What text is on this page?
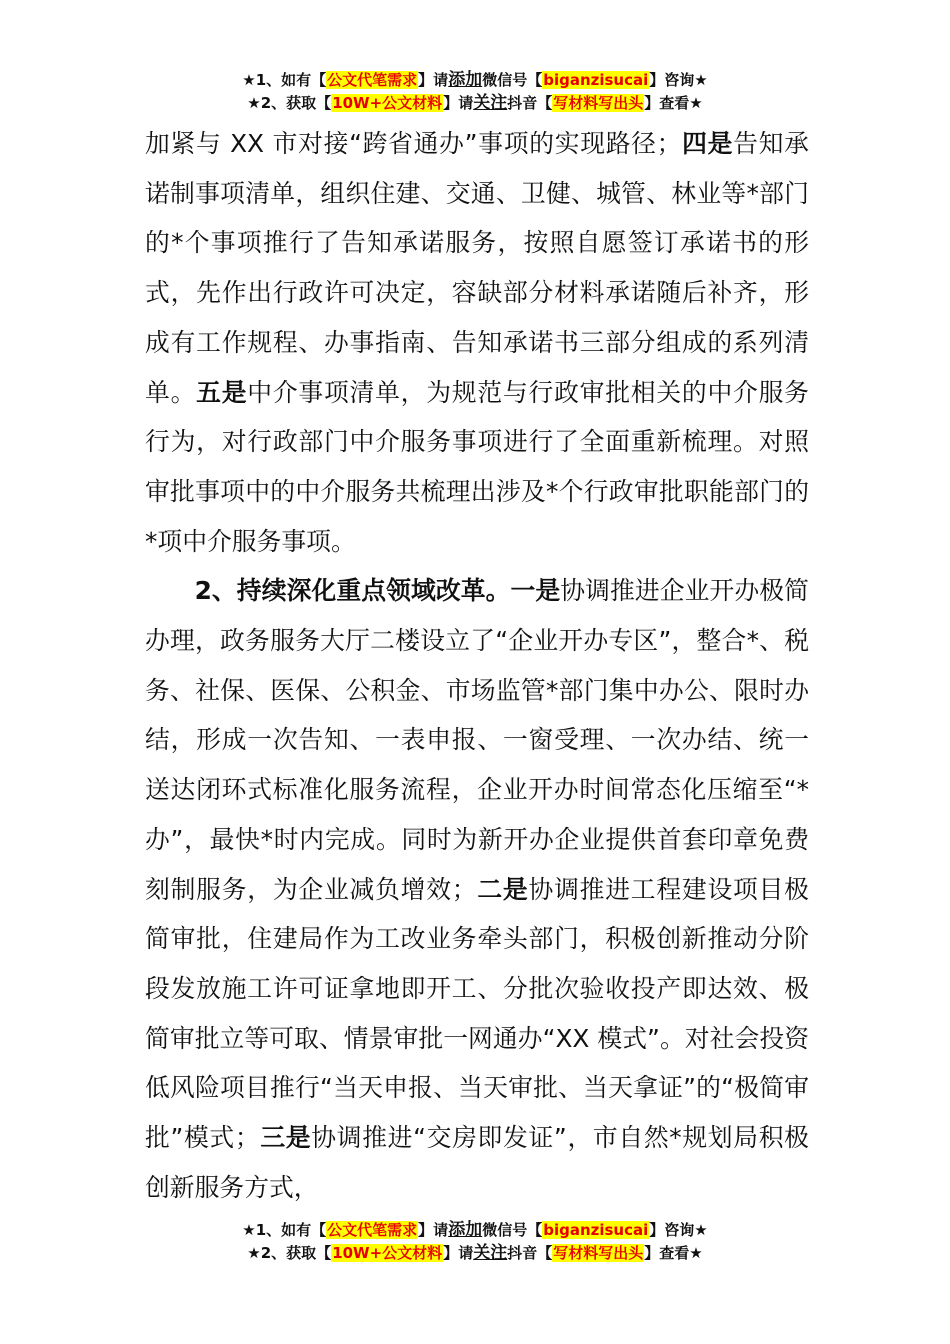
★1、如有【公文代笔需求】请添加微信号【biganzisucai】咨询★
★2、获取【10W+公文材料】请关注抖音【写材料写出头】查看★

加紧与 XX 市对接“跨省通办”事项的实现路径；四是告知承诺制事项清单，组织住建、交通、卫健、城管、林业等*部门的*个事项推行了告知承诺服务，按照自愿签订承诺书的形式，先作出行政许可决定，容缺部分材料承诺随后补齐，形成有工作规程、办事指南、告知承诺书三部分组成的系列清单。五是中介事项清单，为规范与行政审批相关的中介服务行为，对行政部门中介服务事项进行了全面重新梳理。对照审批事项中的中介服务共梳理出涉及*个行政审批职能部门的*项中介服务事项。

2、持续深化重点领域改革。一是协调推进企业开办极简办理，政务服务大厅二楼设立了“企业开办专区”，整合*、税务、社保、医保、公积金、市场监管*部门集中办公、限时办结，形成一次告知、一表申报、一窗受理、一次办结、统一送达闭环式标准化服务流程，企业开办时间常态化压缩至“*办”，最快*时内完成。同时为新开办企业提供首套印章免费刻制服务，为企业减负增效；二是协调推进工程建设项目极简审批，住建局作为工改业务牵头部门，积极创新推动分阶段发放施工许可证拿地即开工、分批次验收投产即达效、极简审批立等可取、情景审批一网通办“XX 模式”。对社会投资低风险项目推行“当天申报、当天审批、当天拿证”的“极简审批”模式；三是协调推进“交房即发证”，市自然*规划局积极创新服务方式，

★1、如有【公文代笔需求】请添加微信号【biganzisucai】咨询★
★2、获取【10W+公文材料】请关注抖音【写材料写出头】查看★
